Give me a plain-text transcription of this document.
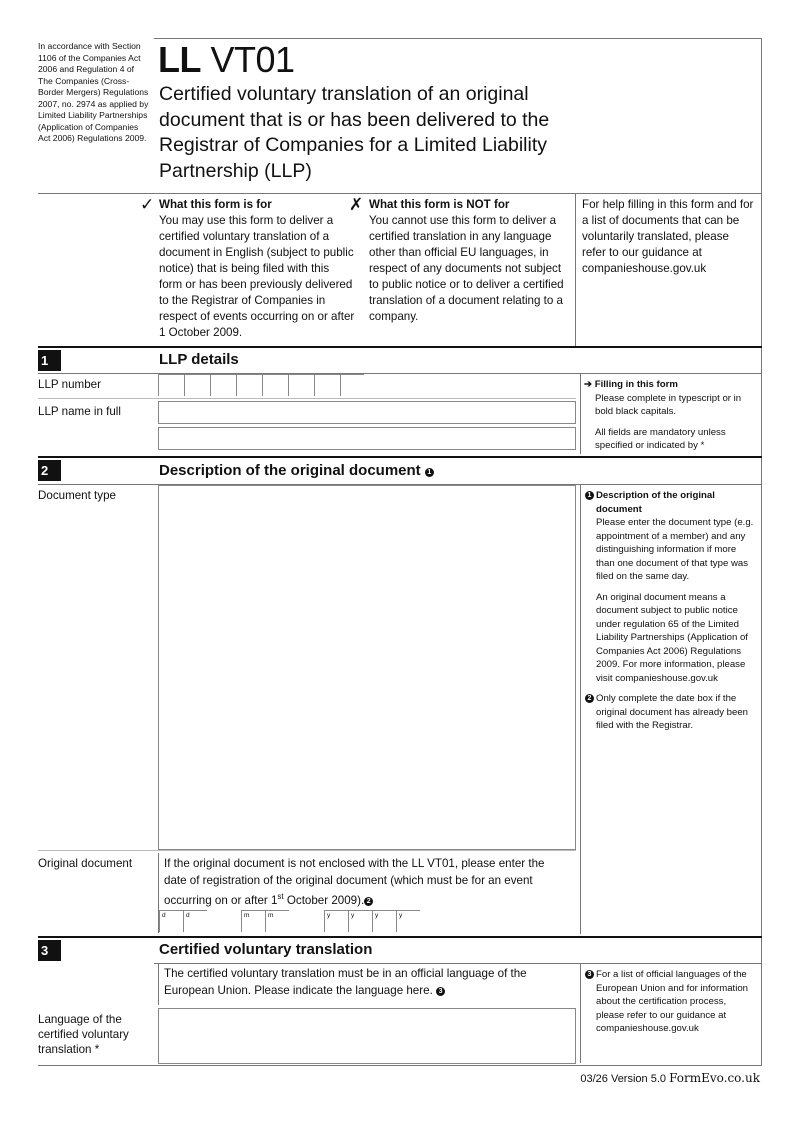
In accordance with Section 1106 of the Companies Act 2006 and Regulation 4 of The Companies (Cross-Border Mergers) Regulations 2007, no. 2974 as applied by Limited Liability Partnerships (Application of Companies Act 2006) Regulations 2009.
LL VT01
Certified voluntary translation of an original document that is or has been delivered to the Registrar of Companies for a Limited Liability Partnership (LLP)
✓ What this form is for
You may use this form to deliver a certified voluntary translation of a document in English (subject to public notice) that is being filed with this form or has been previously delivered to the Registrar of Companies in respect of events occurring on or after 1 October 2009.
✗ What this form is NOT for
You cannot use this form to deliver a certified translation in any language other than official EU languages, in respect of any documents not subject to public notice or to deliver a certified translation of a document relating to a company.
For help filling in this form and for a list of documents that can be voluntarily translated, please refer to our guidance at companieshouse.gov.uk
1	LLP details
LLP number
LLP name in full
➔ Filling in this form
Please complete in typescript or in bold black capitals.
All fields are mandatory unless specified or indicated by *
2	Description of the original document 1
Document type
Original document	If the original document is not enclosed with the LL VT01, please enter the date of registration of the original document (which must be for an event occurring on or after 1st October 2009). 2
d	d	m	m	y	y	y	y
1 Description of the original document
Please enter the document type (e.g. appointment of a member) and any distinguishing information if more than one document of that type was filed on the same day.
An original document means a document subject to public notice under regulation 65 of the Limited Liability Partnerships (Application of Companies Act 2006) Regulations 2009. For more information, please visit companieshouse.gov.uk
2 Only complete the date box if the original document has already been filed with the Registrar.
3	Certified voluntary translation
The certified voluntary translation must be in an official language of the European Union. Please indicate the language here. 3
Language of the certified voluntary translation *
3 For a list of official languages of the European Union and for information about the certification process, please refer to our guidance at companieshouse.gov.uk
03/26 Version 5.0 FormEvo.co.uk
